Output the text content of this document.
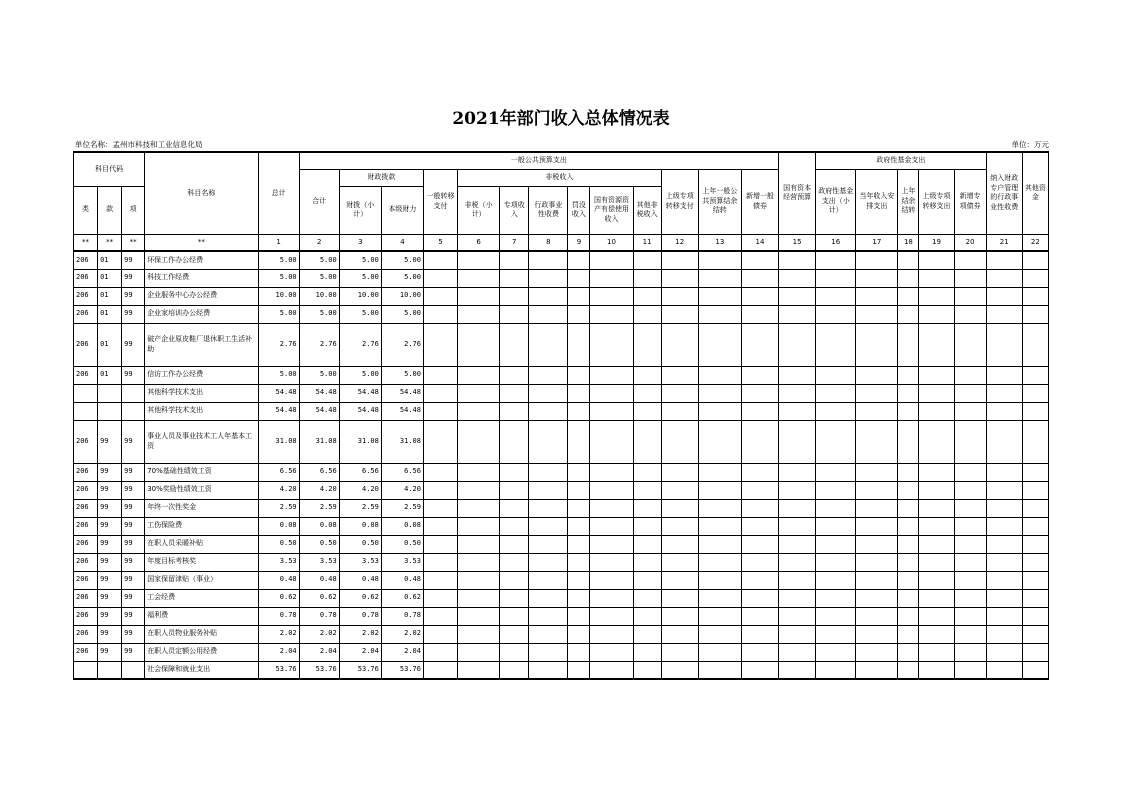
2021年部门收入总体情况表
单位名称：孟州市科技和工业信息化局	单位：万元
科目代码			科目名称	总计	一般公共预算支出													国有资本经营预算	政府性基金支出					纳入财政专户管理的行政事业性收费	其他资金
					合计	财政拨款		一般转移支付	非税收入						上级专项转移支付	上年一般公共预算结余结转	新增一般债券		政府性基金支出（小计）	当年收入安排支出	上年结余结转	上级专项转移支出	新增专项债券		
类	款	项				财拨（小计）	本级财力		非税（小计）	专项收入	行政事业性收费	罚没收入	国有资源资产有偿使用收入	其他非税收入											
**	**	**	**	1	2	3	4	5	6	7	8	9	10	11	12	13	14	15	16	17	18	19	20	21	22
206	01	99	环保工作办公经费	5.00	5.00	5.00	5.00																		
206	01	99	科技工作经费	5.00	5.00	5.00	5.00																		
206	01	99	企业服务中心办公经费	10.00	10.00	10.00	10.00																		
206	01	99	企业家培训办公经费	5.00	5.00	5.00	5.00																		
206	01	99	破产企业原皮鞋厂退休职工生活补助	2.76	2.76	2.76	2.76																		
206	01	99	信访工作办公经费	5.00	5.00	5.00	5.00																		
			其他科学技术支出	54.48	54.48	54.48	54.48																		
			其他科学技术支出	54.48	54.48	54.48	54.48																		
206	99	99	事业人员及事业技术工人年基本工资	31.08	31.08	31.08	31.08																		
206	99	99	70%基础性绩效工资	6.56	6.56	6.56	6.56																		
206	99	99	30%奖励性绩效工资	4.20	4.20	4.20	4.20																		
206	99	99	年终一次性奖金	2.59	2.59	2.59	2.59																		
206	99	99	工伤保险费	0.08	0.08	0.08	0.08																		
206	99	99	在职人员采暖补贴	0.50	0.50	0.50	0.50																		
206	99	99	年度目标考核奖	3.53	3.53	3.53	3.53																		
206	99	99	国家保留津贴（事业）	0.48	0.48	0.48	0.48																		
206	99	99	工会经费	0.62	0.62	0.62	0.62																		
206	99	99	福利费	0.78	0.78	0.78	0.78																		
206	99	99	在职人员物业服务补贴	2.02	2.02	2.02	2.02																		
206	99	99	在职人员定额公用经费	2.04	2.04	2.04	2.04																		
			社会保障和就业支出	53.76	53.76	53.76	53.76																		
